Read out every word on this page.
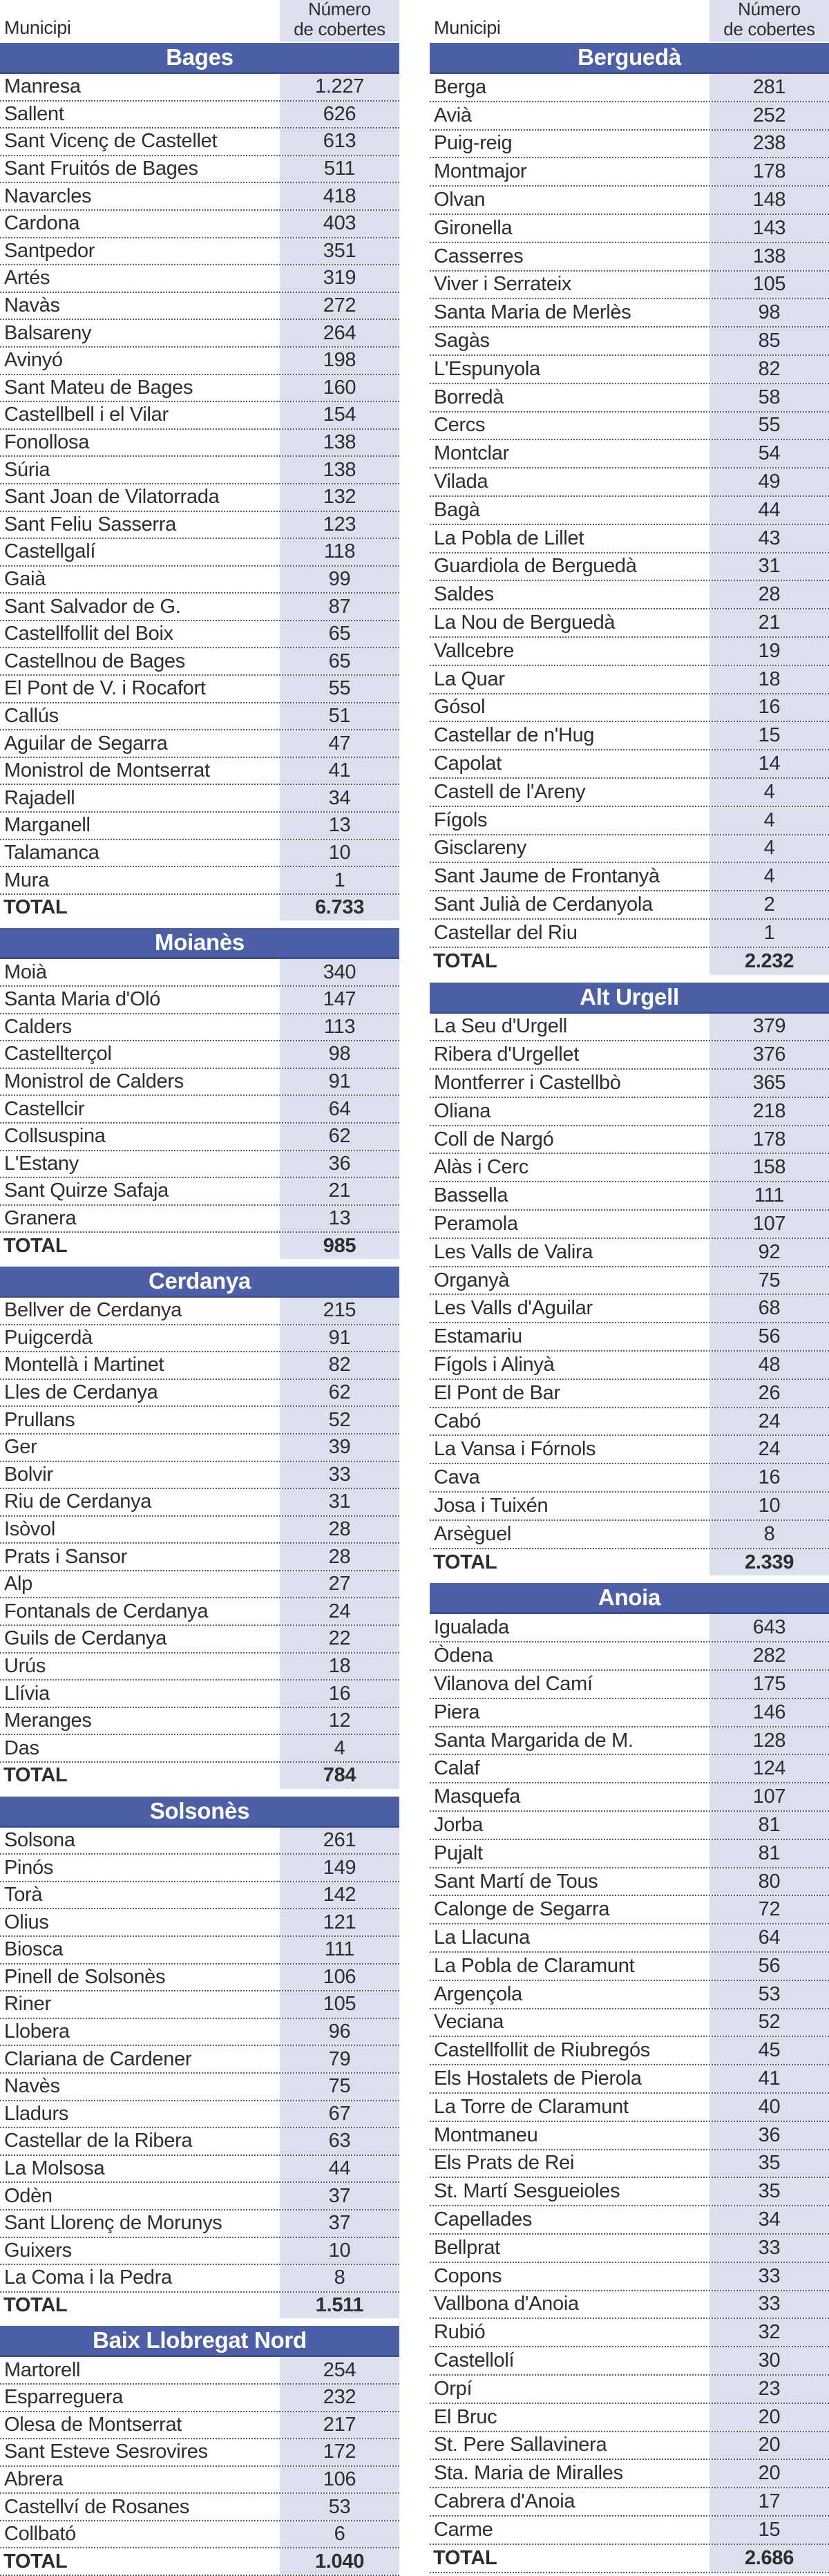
Municipi
Número
de cobertes
Bages
Manresa	1.227
Sallent	626
Sant Vicenç de Castellet	613
Sant Fruitós de Bages	511
Navarcles	418
Cardona	403
Santpedor	351
Artés	319
Navàs	272
Balsareny	264
Avinyó	198
Sant Mateu de Bages	160
Castellbell i el Vilar	154
Fonollosa	138
Súria	138
Sant Joan de Vilatorrada	132
Sant Feliu Sasserra	123
Castellgalí	118
Gaià	99
Sant Salvador de G.	87
Castellfollit del Boix	65
Castellnou de Bages	65
El Pont de V. i Rocafort	55
Callús	51
Aguilar de Segarra	47
Monistrol de Montserrat	41
Rajadell	34
Marganell	13
Talamanca	10
Mura	1
TOTAL	6.733
Moianès
Moià	340
Santa Maria d'Oló	147
Calders	113
Castellterçol	98
Monistrol de Calders	91
Castellcir	64
Collsuspina	62
L'Estany	36
Sant Quirze Safaja	21
Granera	13
TOTAL	985
Cerdanya
Bellver de Cerdanya	215
Puigcerdà	91
Montellà i Martinet	82
Lles de Cerdanya	62
Prullans	52
Ger	39
Bolvir	33
Riu de Cerdanya	31
Isòvol	28
Prats i Sansor	28
Alp	27
Fontanals de Cerdanya	24
Guils de Cerdanya	22
Urús	18
Llívia	16
Meranges	12
Das	4
TOTAL	784
Solsonès
Solsona	261
Pinós	149
Torà	142
Olius	121
Biosca	111
Pinell de Solsonès	106
Riner	105
Llobera	96
Clariana de Cardener	79
Navès	75
Lladurs	67
Castellar de la Ribera	63
La Molsosa	44
Odèn	37
Sant Llorenç de Morunys	37
Guixers	10
La Coma i la Pedra	8
TOTAL	1.511
Baix Llobregat Nord
Martorell	254
Esparreguera	232
Olesa de Montserrat	217
Sant Esteve Sesrovires	172
Abrera	106
Castellví de Rosanes	53
Collbató	6
TOTAL	1.040
Municipi
Número
de cobertes
Berguedà
Berga	281
Avià	252
Puig-reig	238
Montmajor	178
Olvan	148
Gironella	143
Casserres	138
Viver i Serrateix	105
Santa Maria de Merlès	98
Sagàs	85
L'Espunyola	82
Borredà	58
Cercs	55
Montclar	54
Vilada	49
Bagà	44
La Pobla de Lillet	43
Guardiola de Berguedà	31
Saldes	28
La Nou de Berguedà	21
Vallcebre	19
La Quar	18
Gósol	16
Castellar de n'Hug	15
Capolat	14
Castell de l'Areny	4
Fígols	4
Gisclareny	4
Sant Jaume de Frontanyà	4
Sant Julià de Cerdanyola	2
Castellar del Riu	1
TOTAL	2.232
Alt Urgell
La Seu d'Urgell	379
Ribera d'Urgellet	376
Montferrer i Castellbò	365
Oliana	218
Coll de Nargó	178
Alàs i Cerc	158
Bassella	111
Peramola	107
Les Valls de Valira	92
Organyà	75
Les Valls d'Aguilar	68
Estamariu	56
Fígols i Alinyà	48
El Pont de Bar	26
Cabó	24
La Vansa i Fórnols	24
Cava	16
Josa i Tuixén	10
Arsèguel	8
TOTAL	2.339
Anoia
Igualada	643
Òdena	282
Vilanova del Camí	175
Piera	146
Santa Margarida de M.	128
Calaf	124
Masquefa	107
Jorba	81
Pujalt	81
Sant Martí de Tous	80
Calonge de Segarra	72
La Llacuna	64
La Pobla de Claramunt	56
Argençola	53
Veciana	52
Castellfollit de Riubregós	45
Els Hostalets de Pierola	41
La Torre de Claramunt	40
Montmaneu	36
Els Prats de Rei	35
St. Martí Sesgueioles	35
Capellades	34
Bellprat	33
Copons	33
Vallbona d'Anoia	33
Rubió	32
Castellolí	30
Orpí	23
El Bruc	20
St. Pere Sallavinera	20
Sta. Maria de Miralles	20
Cabrera d'Anoia	17
Carme	15
TOTAL	2.686
